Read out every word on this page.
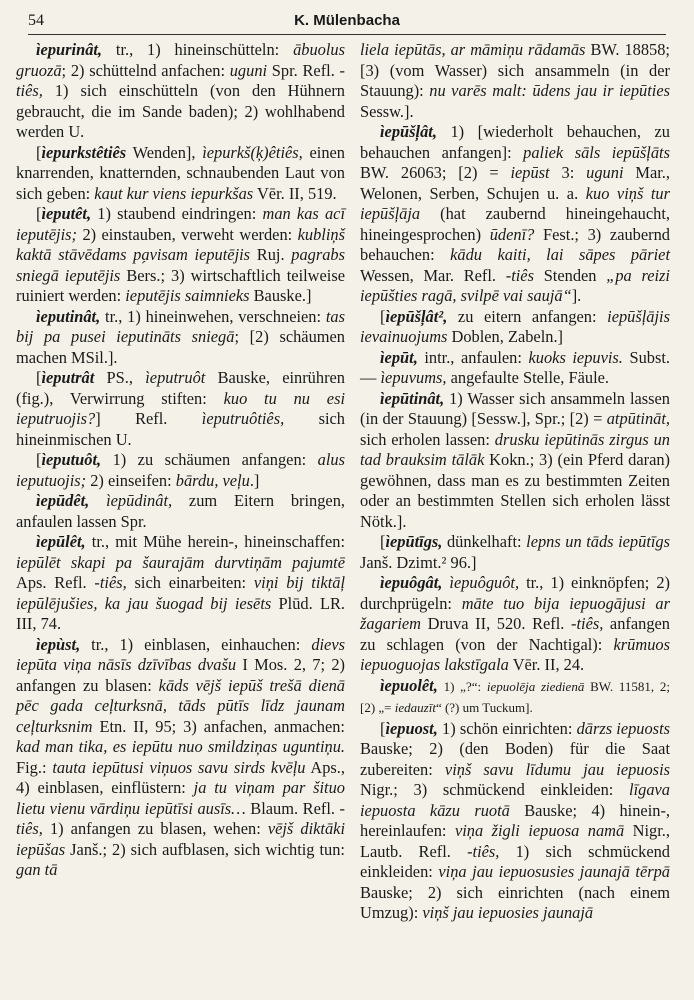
54	K. Mülenbacha

ìepurinât, tr., 1) hineinschütteln: ābuolus gruozā; 2) schüttelnd anfachen: uguni Spr. Refl. -tiês, 1) sich einschütteln (von den Hühnern gebraucht, die im Sande baden); 2) wohlhabend werden U.

[ìepurkstêtiês Wenden], ìepurkš(ķ)êtiês, einen knarrenden, knatternden, schnaubenden Laut von sich geben: kaut kur viens iepurkšas Vēr. II, 519.

[ìeputêt, 1) staubend eindringen: man kas acī ieputējis; 2) einstauben, verweht werden: kubliņš kaktā stāvēdams pa̗visam ieputējis Ruj. pagrabs sniegā ieputējis Bers.; 3) wirtschaftlich teilweise ruiniert werden: ieputējis saimnieks Bauske.]

ìeputinât, tr., 1) hineinwehen, verschneien: tas bij pa pusei ieputināts sniegā; [2) schäumen machen MSil.].

[ìeputrât PS., ìeputruôt Bauske, einrühren (fig.), Verwirrung stiften: kuo tu nu esi ieputruojis?] Refl. ìeputruôtiês, sich hineinmischen U.

[ìeputuôt, 1) zu schäumen anfangen: alus ieputuojis; 2) einseifen: bārdu, veļu.]

ìepūdêt, ìepūdinât, zum Eitern bringen, anfaulen lassen Spr.

ìepūlêt, tr., mit Mühe herein-, hineinschaffen: iepūlēt skapi pa šaurajām durvtiņām pajumtē Aps. Refl. -tiês, sich einarbeiten: viņi bij tiktāļ iepūlējušies, ka jau šuogad bij iesēts Plūd. LR. III, 74.

ìepùst, tr., 1) einblasen, einhauchen: dievs iepūta viņa nāsīs dzīvības dvašu I Mos. 2, 7; 2) anfangen zu blasen: kāds vējš iepūš trešā dienā pēc gada ceļturksnā, tāds pūtīs līdz jaunam ceļturksnim Etn. II, 95; 3) anfachen, anmachen: kad man tika, es iepūtu nuo smildziņas uguntiņu. Fig.: tauta iepūtusi viņuos savu sirds kvēļu Aps., 4) einblasen, einflüstern: ja tu viņam par šituo lietu vienu vārdiņu iepūtīsi ausīs… Blaum. Refl. -tiês, 1) anfangen zu blasen, wehen: vējš diktāki iepūšas Janš.; 2) sich aufblasen, sich wichtig tun: gan tā

liela iepūtās, ar māmiņu rādamās BW. 18858; [3) (vom Wasser) sich ansammeln (in der Stauung): nu varēs malt: ūdens jau ir iepūties Sessw.].

ìepūšļât, 1) [wiederholt behauchen, zu behauchen anfangen]: paliek sāls iepūšļāts BW. 26063; [2) = iepūst 3: uguni Mar., Welonen, Serben, Schujen u. a. kuo viņš tur iepūšļāja (hat zaubernd hineingehaucht, hineingesprochen) ūdenī? Fest.; 3) zaubernd behauchen: kādu kaiti, lai sāpes pāriet Wessen, Mar. Refl. -tiês Stenden „pa reizi iepūšties ragā, svilpē vai saujā“].

[ìepūšļât², zu eitern anfangen: iepūšļājis ievainuojums Doblen, Zabeln.]

ìepūt, intr., anfaulen: kuoks iepuvis. Subst. — ìepuvums, angefaulte Stelle, Fäule.

ìepūtinât, 1) Wasser sich ansammeln lassen (in der Stauung) [Sessw.], Spr.; [2) = atpūtināt, sich erholen lassen: drusku iepūtinās zirgus un tad brauksim tālāk Kokn.; 3) (ein Pferd daran) gewöhnen, dass man es zu bestimmten Zeiten oder an bestimmten Stellen sich erholen lässt Nötk.].

[ìepūtīgs, dünkelhaft: lepns un tāds iepūtīgs Janš. Dzimt.² 96.]

ìepuôgât, ìepuôguôt, tr., 1) einknöpfen; 2) durchprügeln: māte tuo bija iepuogājusi ar žagariem Druva II, 520. Refl. -tiês, anfangen zu schlagen (von der Nachtigal): krūmuos iepuoguojas lakstīgala Vēr. II, 24.

ìepuolêt, 1) „?“: iepuolēja ziedienā BW. 11581, 2; [2) „= iedauzīt“ (?) um Tuckum].

[ìepuost, 1) schön einrichten: dārzs iepuosts Bauske; 2) (den Boden) für die Saat zubereiten: viņš savu līdumu jau iepuosis Nigr.; 3) schmückend einkleiden: līgava iepuosta kāzu ruotā Bauske; 4) hinein-, hereinlaufen: viņa žigli iepuosa namā Nigr., Lautb. Refl. -tiês, 1) sich schmückend einkleiden: viņa jau iepuosusies jaunajā tērpā Bauske; 2) sich einrichten (nach einem Umzug): viņš jau iepuosies jaunajā
